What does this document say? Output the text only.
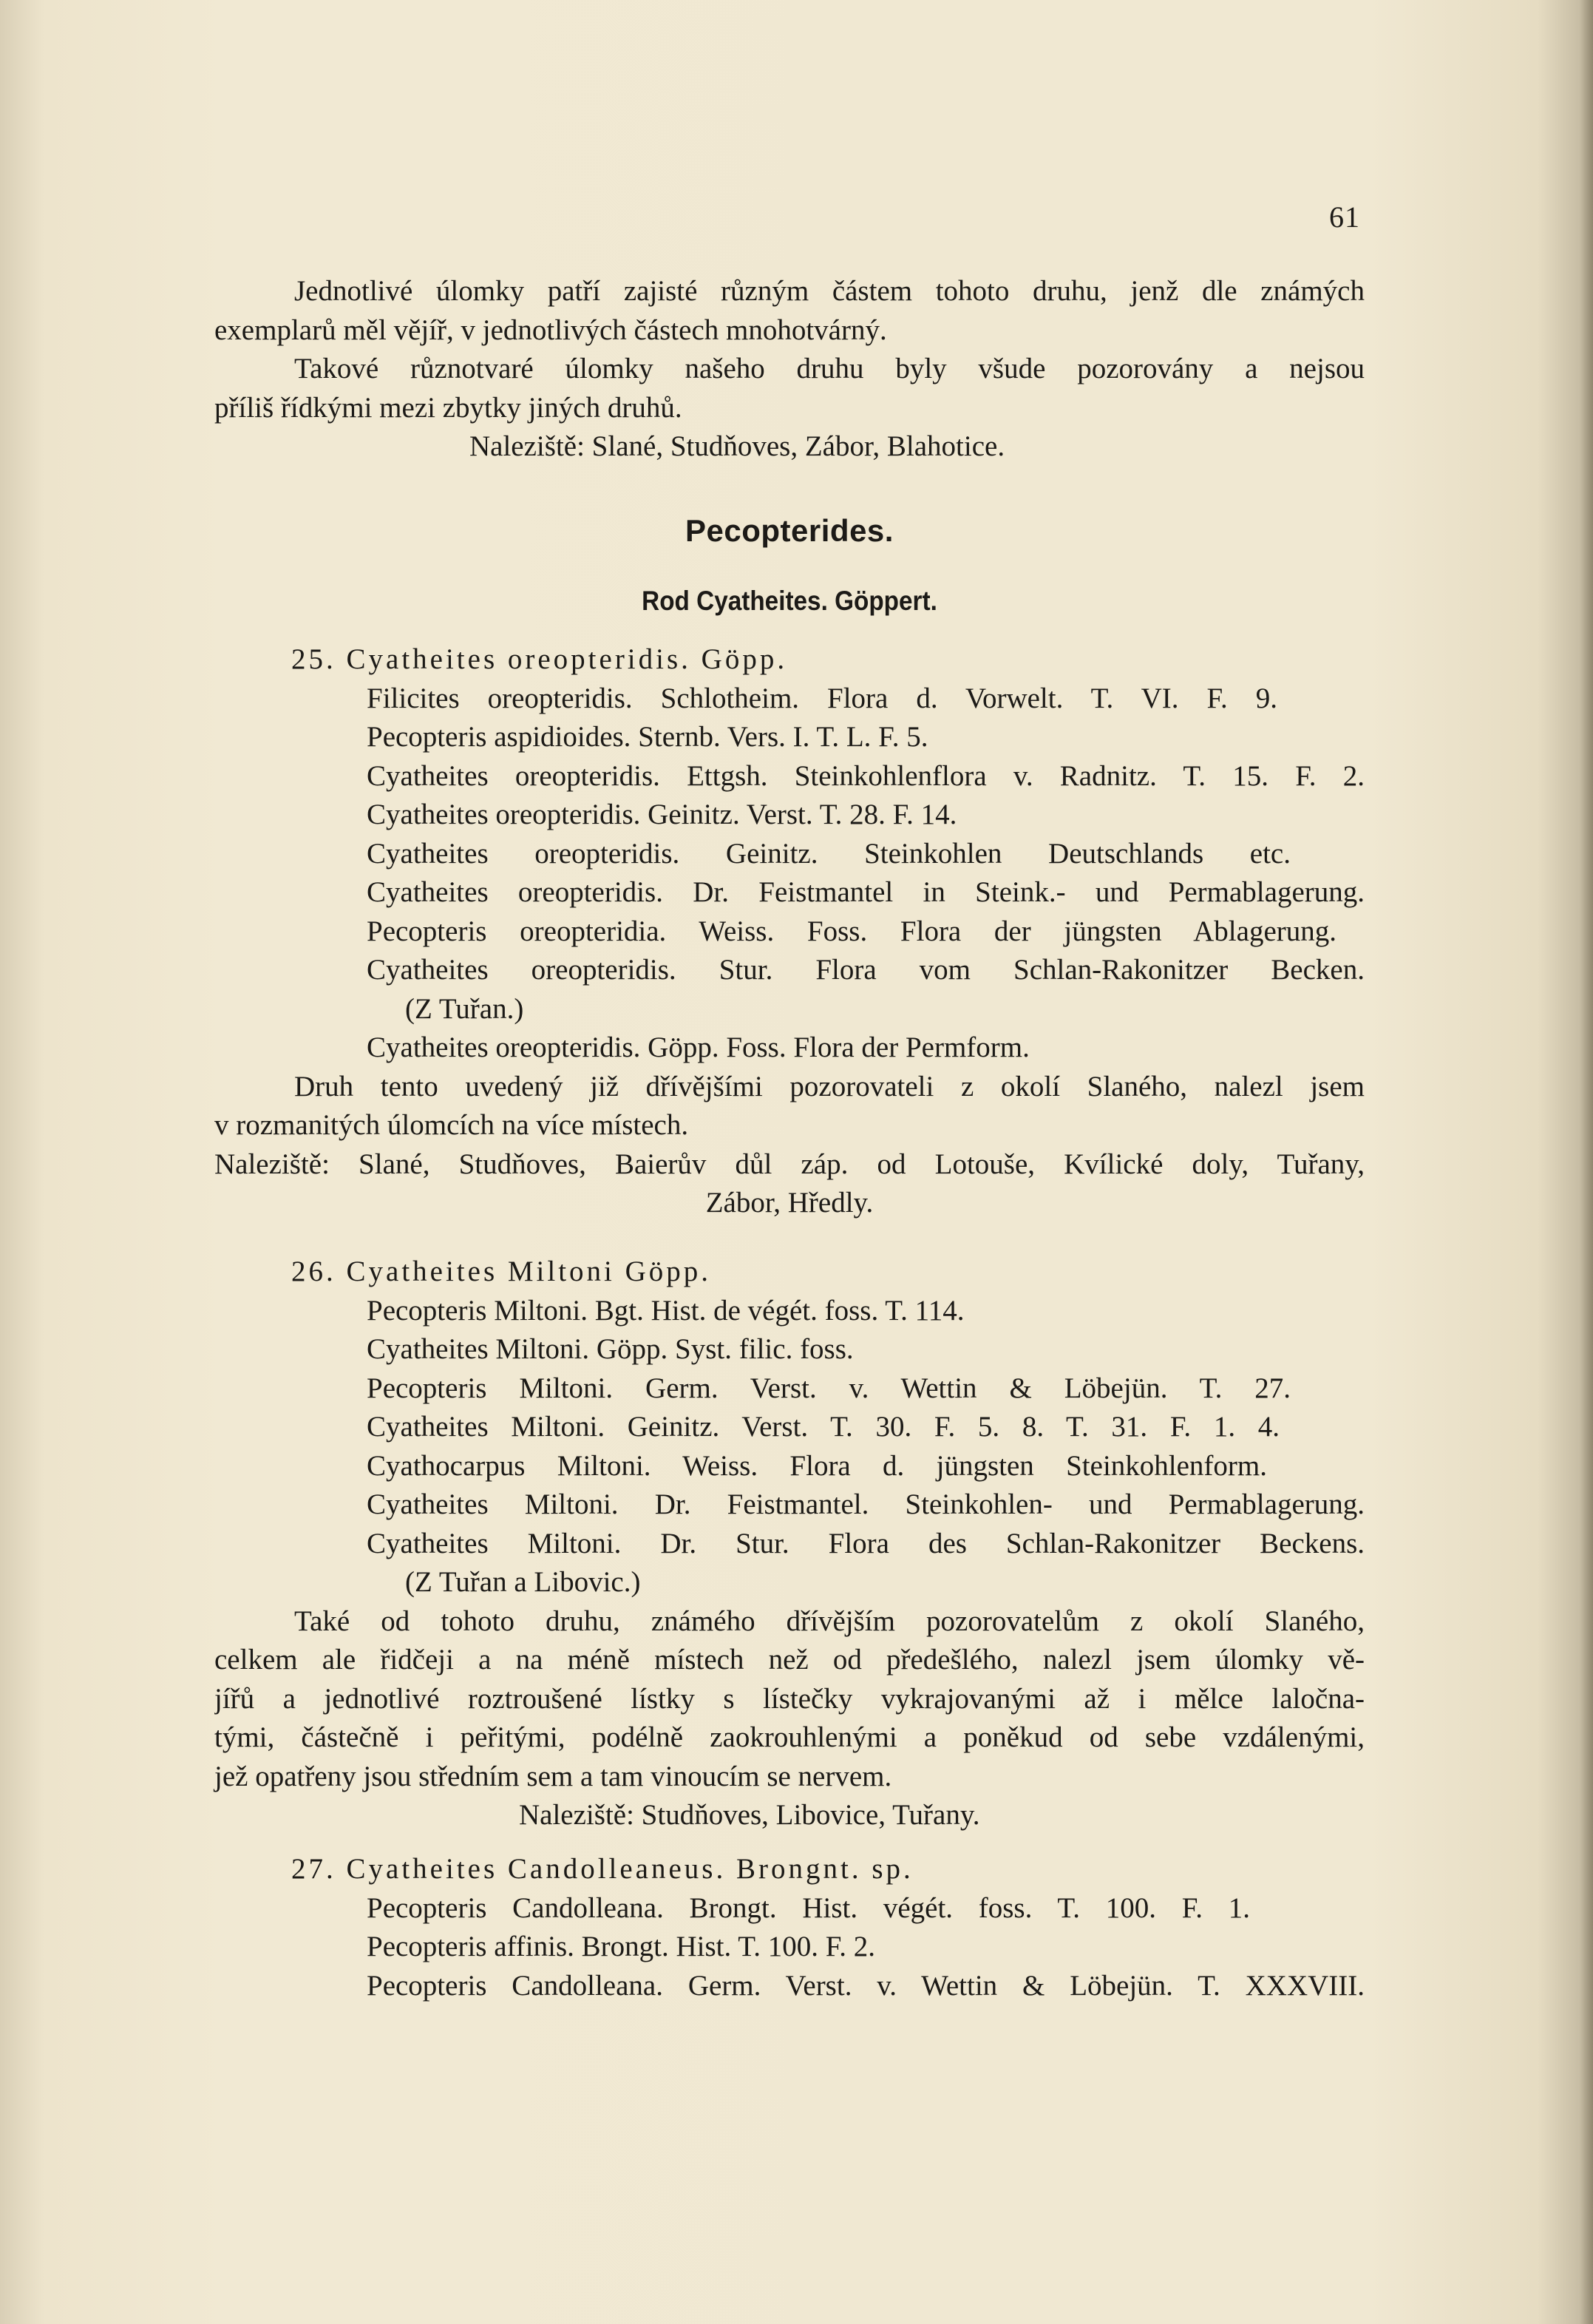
61
Jednotlivé úlomky patří zajisté různým částem tohoto druhu, jenž dle známých
exemplarů měl vějíř, v jednotlivých částech mnohotvárný.
Takové různotvaré úlomky našeho druhu byly všude pozorovány a nejsou
příliš řídkými mezi zbytky jiných druhů.
Naleziště: Slané, Studňoves, Zábor, Blahotice.
Pecopterides.
Rod Cyatheites. Göppert.
25. Cyatheites oreopteridis. Göpp.
Filicites oreopteridis. Schlotheim. Flora d. Vorwelt. T. VI. F. 9.
Pecopteris aspidioides. Sternb. Vers. I. T. L. F. 5.
Cyatheites oreopteridis. Ettgsh. Steinkohlenflora v. Radnitz. T. 15. F. 2.
Cyatheites oreopteridis. Geinitz. Verst. T. 28. F. 14.
Cyatheites oreopteridis. Geinitz. Steinkohlen Deutschlands etc.
Cyatheites oreopteridis. Dr. Feistmantel in Steink.- und Permablagerung.
Pecopteris oreopteridia. Weiss. Foss. Flora der jüngsten Ablagerung.
Cyatheites oreopteridis. Stur. Flora vom Schlan-Rakonitzer Becken.
(Z Tuřan.)
Cyatheites oreopteridis. Göpp. Foss. Flora der Permform.
Druh tento uvedený již dřívějšími pozorovateli z okolí Slaného, nalezl jsem
v rozmanitých úlomcích na více místech.
Naleziště: Slané, Studňoves, Baierův důl záp. od Lotouše, Kvílické doly, Tuřany,
Zábor, Hředly.
26. Cyatheites Miltoni Göpp.
Pecopteris Miltoni. Bgt. Hist. de végét. foss. T. 114.
Cyatheites Miltoni. Göpp. Syst. filic. foss.
Pecopteris Miltoni. Germ. Verst. v. Wettin & Löbejün. T. 27.
Cyatheites Miltoni. Geinitz. Verst. T. 30. F. 5. 8. T. 31. F. 1. 4.
Cyathocarpus Miltoni. Weiss. Flora d. jüngsten Steinkohlenform.
Cyatheites Miltoni. Dr. Feistmantel. Steinkohlen- und Permablagerung.
Cyatheites Miltoni. Dr. Stur. Flora des Schlan-Rakonitzer Beckens.
(Z Tuřan a Libovic.)
Také od tohoto druhu, známého dřívějším pozorovatelům z okolí Slaného,
celkem ale řidčeji a na méně místech než od předešlého, nalezl jsem úlomky vě-
jířů a jednotlivé roztroušené lístky s lístečky vykrajovanými až i mělce laločna-
tými, částečně i peřitými, podélně zaokrouhlenými a poněkud od sebe vzdálenými,
jež opatřeny jsou středním sem a tam vinoucím se nervem.
Naleziště: Studňoves, Libovice, Tuřany.
27. Cyatheites Candolleaneus. Brongnt. sp.
Pecopteris Candolleana. Brongt. Hist. végét. foss. T. 100. F. 1.
Pecopteris affinis. Brongt. Hist. T. 100. F. 2.
Pecopteris Candolleana. Germ. Verst. v. Wettin & Löbejün. T. XXXVIII.
